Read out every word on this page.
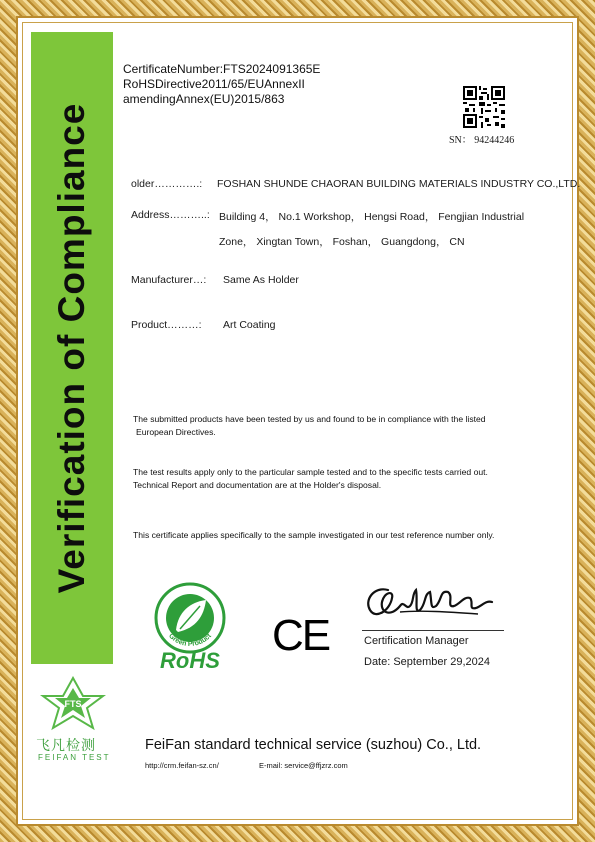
Verification of Compliance
FTS
飞凡检测
FEIFAN TEST
CertificateNumber:FTS2024091365E
RoHSDirective2011/65/EUAnnexII
amendingAnnex(EU)2015/863
SN： 94244246
older………….: FOSHAN SHUNDE CHAORAN BUILDING MATERIALS INDUSTRY CO.,LTD.
Address………..: Building 4， No.1 Workshop， Hengsi Road， Fengjian Industrial
Zone， Xingtan Town， Foshan， Guangdong， CN
Manufacturer…: Same As Holder
Product………: Art Coating
The submitted products have been tested by us and found to be in compliance with the listed
European Directives.
The test results apply only to the particular sample tested and to the specific tests carried out.
Technical Report and documentation are at the Holder's disposal.
This certificate applies specifically to the sample investigated in our test reference number only.
Green Product
RoHS
CE	Certification Manager
Date: September 29,2024
FeiFan standard technical service (suzhou) Co., Ltd.
http://crm.feifan-sz.cn/	E-mail: service@ffjzrz.com
